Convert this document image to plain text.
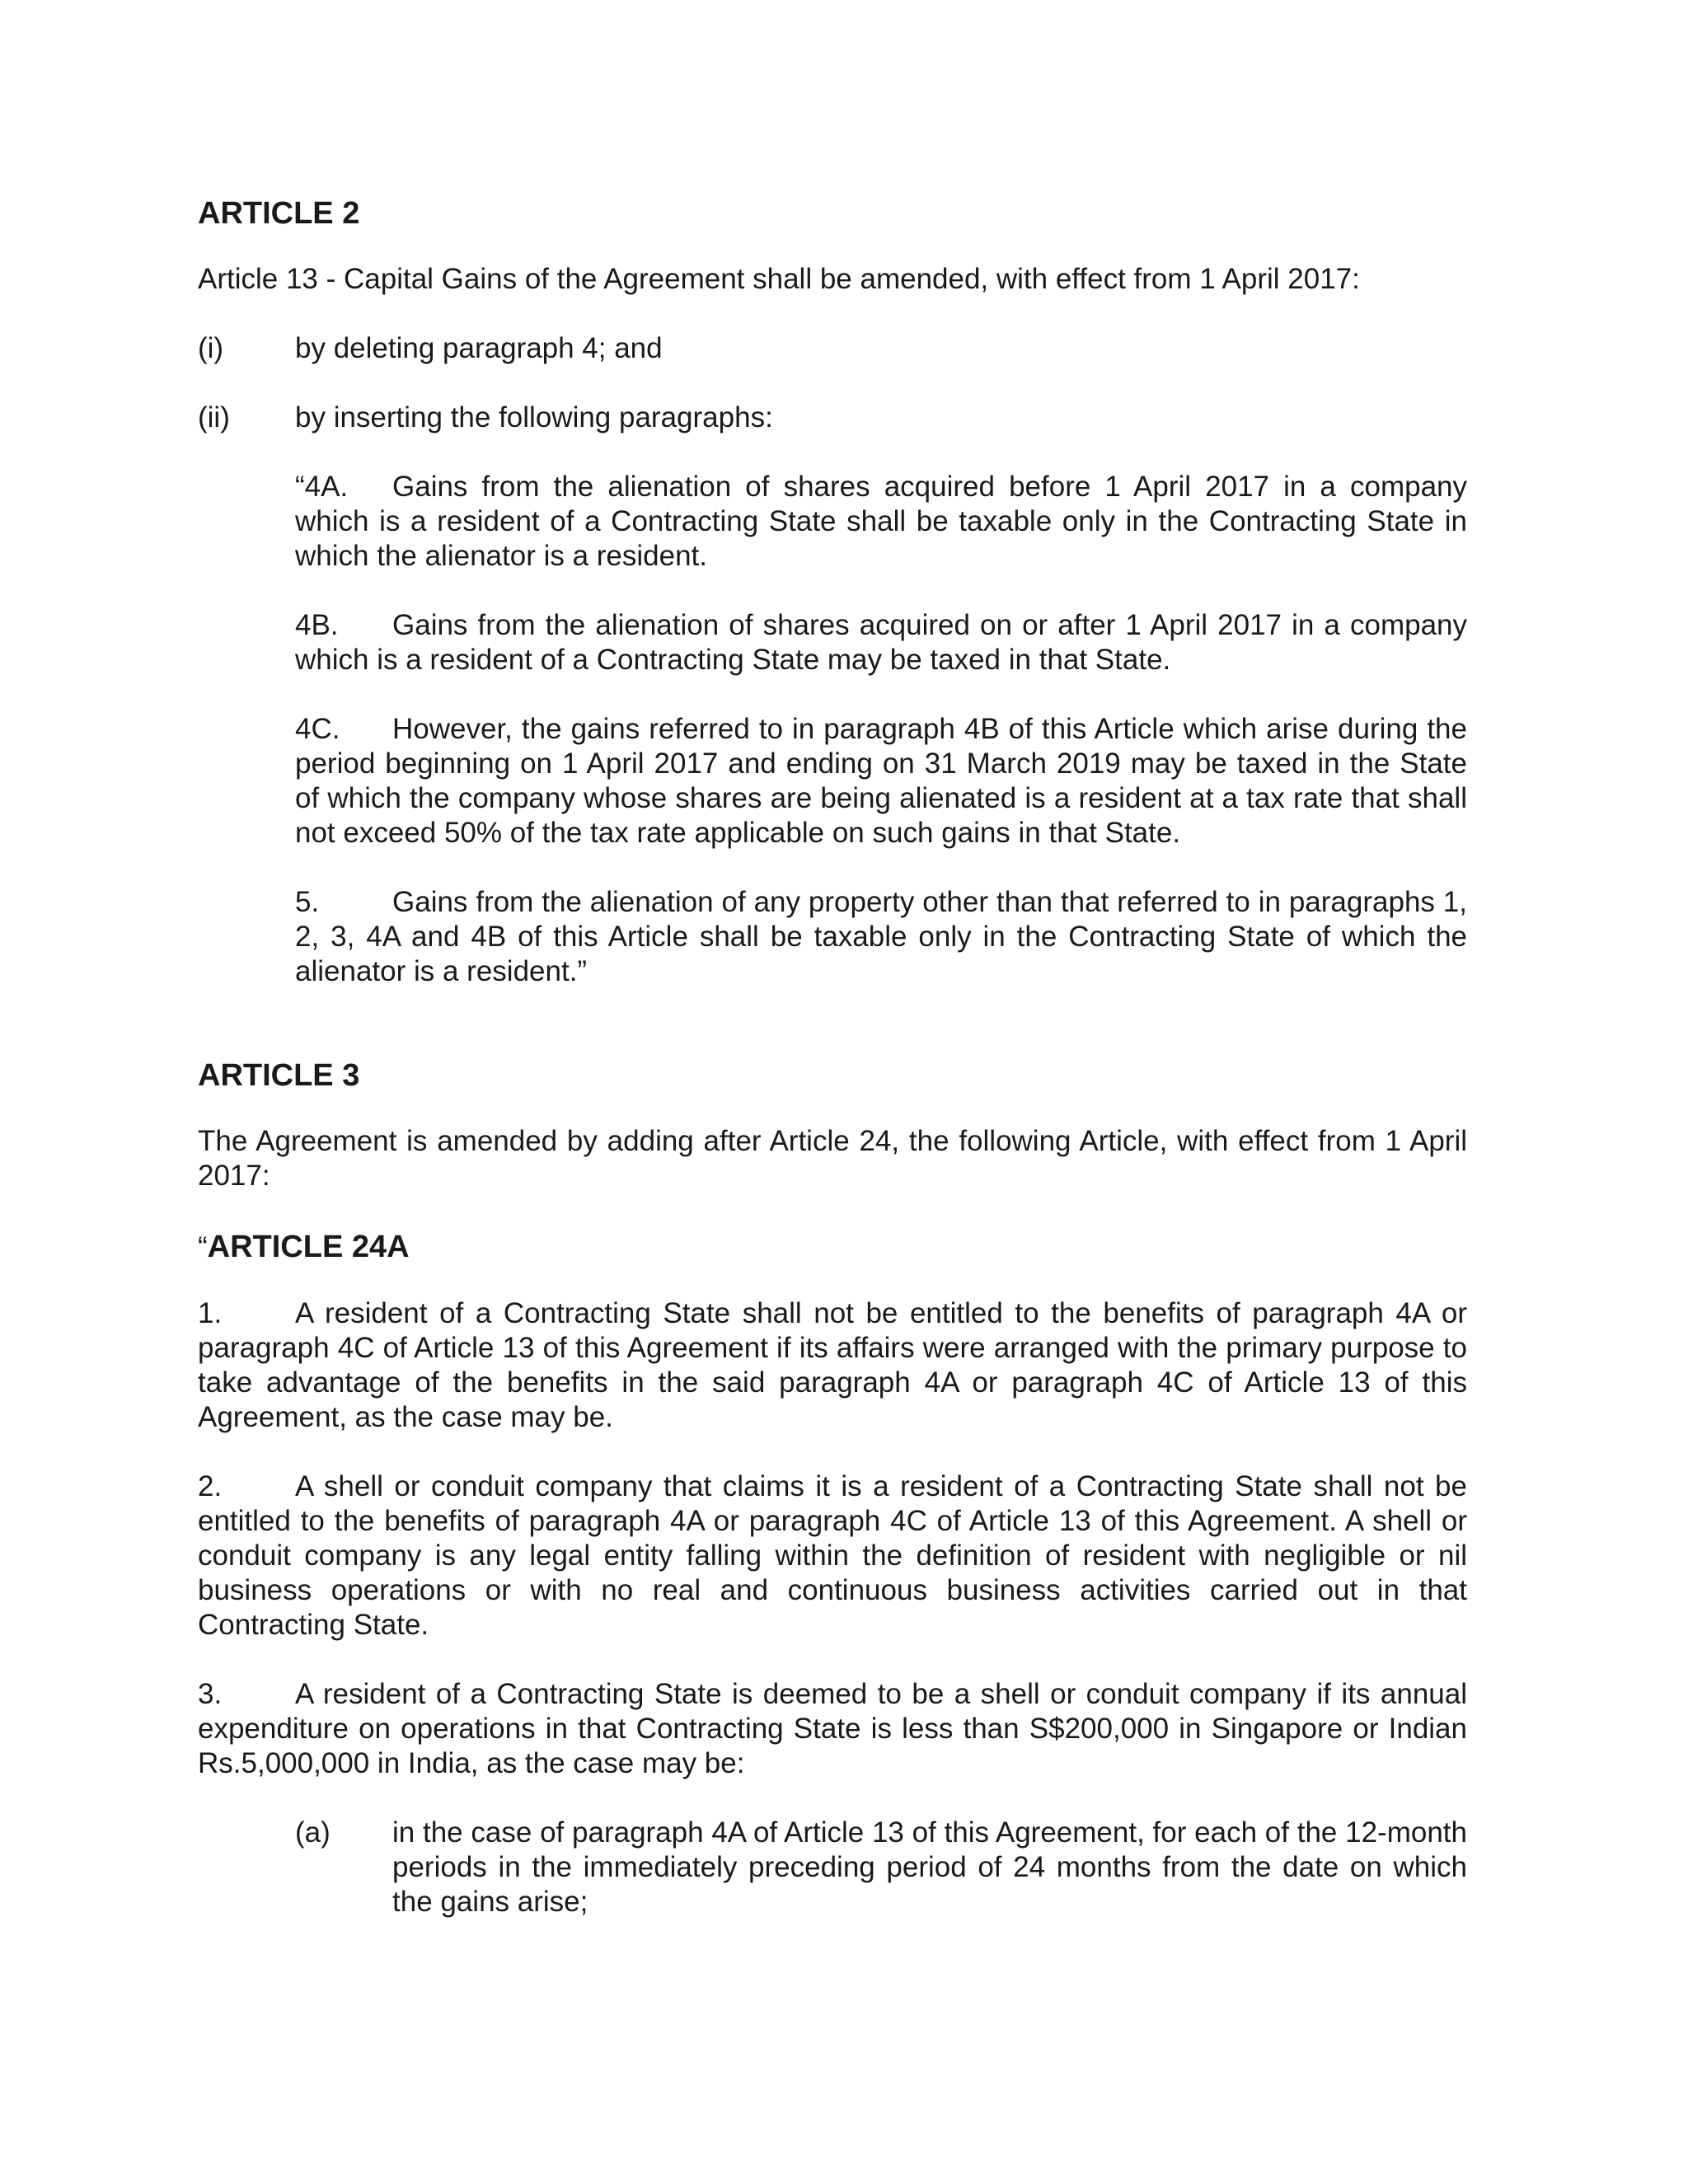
ARTICLE 2

Article 13 - Capital Gains of the Agreement shall be amended, with effect from 1 April 2017:

(i)	by deleting paragraph 4; and
(ii)	by inserting the following paragraphs:

“4A. Gains from the alienation of shares acquired before 1 April 2017 in a company which is a resident of a Contracting State shall be taxable only in the Contracting State in which the alienator is a resident.

4B. Gains from the alienation of shares acquired on or after 1 April 2017 in a company which is a resident of a Contracting State may be taxed in that State.

4C. However, the gains referred to in paragraph 4B of this Article which arise during the period beginning on 1 April 2017 and ending on 31 March 2019 may be taxed in the State of which the company whose shares are being alienated is a resident at a tax rate that shall not exceed 50% of the tax rate applicable on such gains in that State.

5.	Gains from the alienation of any property other than that referred to in paragraphs 1, 2, 3, 4A and 4B of this Article shall be taxable only in the Contracting State of which the alienator is a resident.”

ARTICLE 3

The Agreement is amended by adding after Article 24, the following Article, with effect from 1 April 2017:

“ARTICLE 24A

1.	A resident of a Contracting State shall not be entitled to the benefits of paragraph 4A or paragraph 4C of Article 13 of this Agreement if its affairs were arranged with the primary purpose to take advantage of the benefits in the said paragraph 4A or paragraph 4C of Article 13 of this Agreement, as the case may be.

2.	A shell or conduit company that claims it is a resident of a Contracting State shall not be entitled to the benefits of paragraph 4A or paragraph 4C of Article 13 of this Agreement. A shell or conduit company is any legal entity falling within the definition of resident with negligible or nil business operations or with no real and continuous business activities carried out in that Contracting State.

3.	A resident of a Contracting State is deemed to be a shell or conduit company if its annual expenditure on operations in that Contracting State is less than S$200,000 in Singapore or Indian Rs.5,000,000 in India, as the case may be:

(a)	in the case of paragraph 4A of Article 13 of this Agreement, for each of the 12-month periods in the immediately preceding period of 24 months from the date on which the gains arise;
